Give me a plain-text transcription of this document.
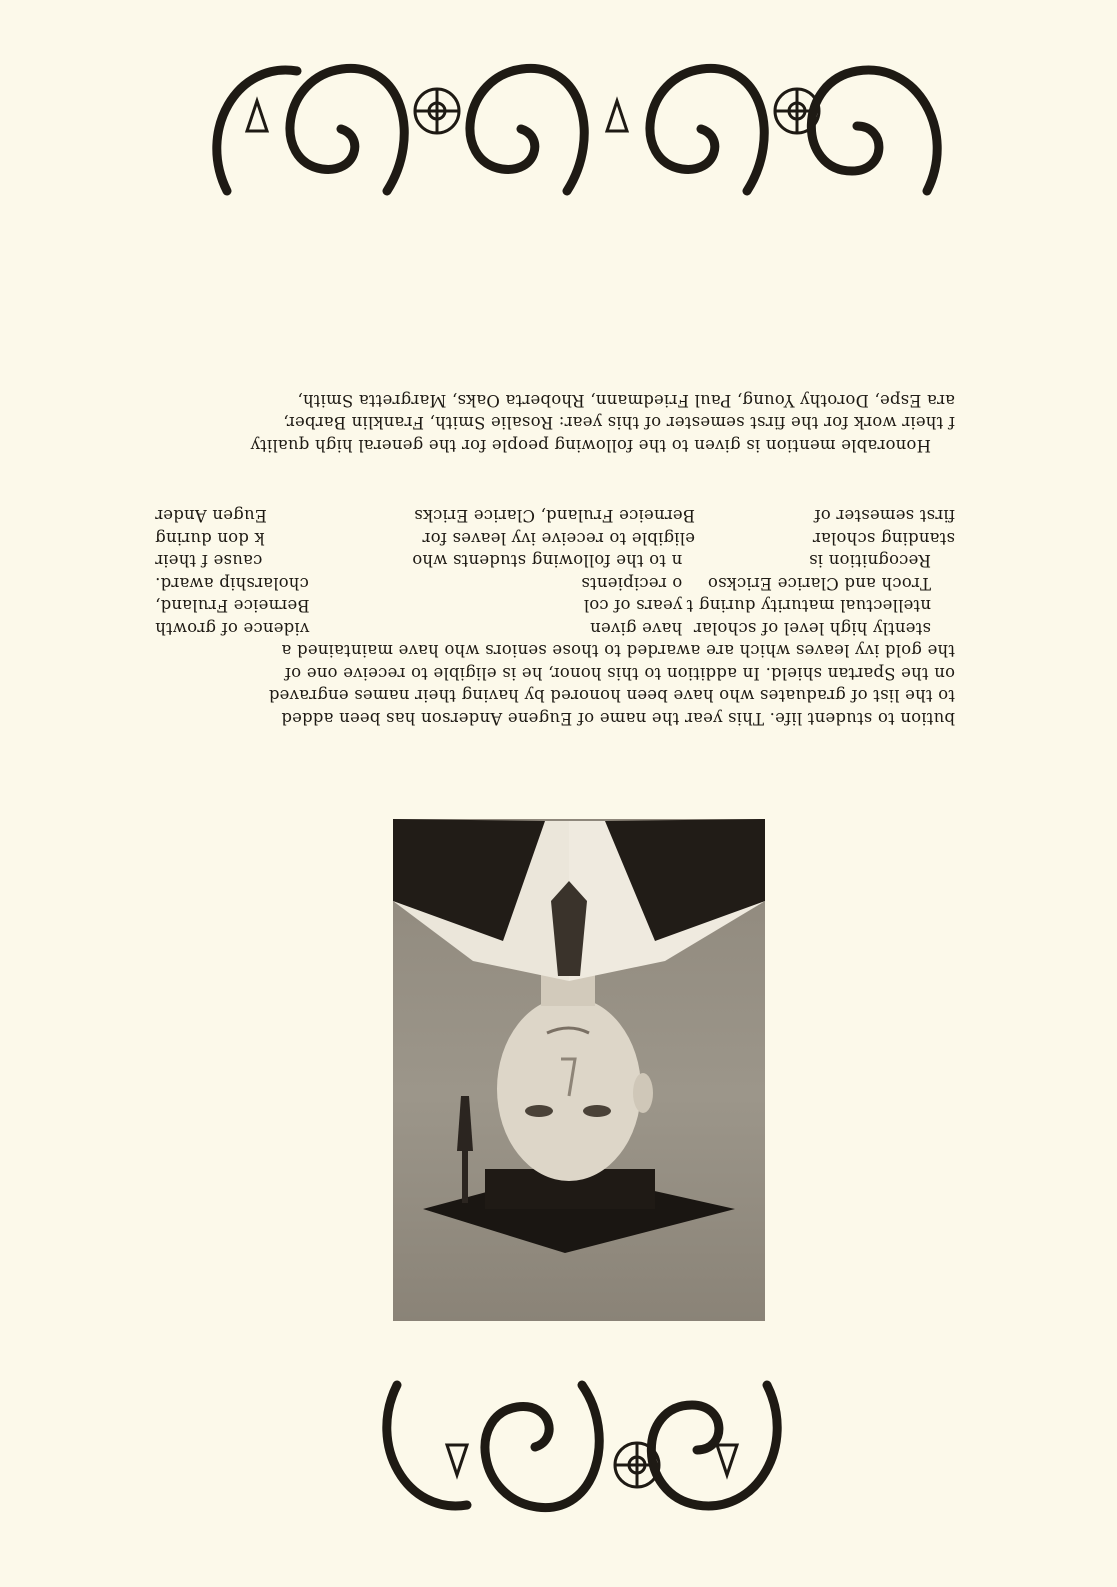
bution to student life. This year the name of Eugene Anderson has been added
to the list of graduates who have been honored by having their names engraved
on the Spartan shield. In addition to this honor, he is eligible to receive one of
the gold ivy leaves which are awarded to those seniors who have maintained a

stently high level of scholar
have given
vidence of growth
ntellectual maturity during t
years of col
Berneice Fruland,
Troch and Clarice Erickso
o recipients
cholarship award.
Recognition is
n to the following students who
cause f their
standing scholar
eligible to receive ivy leaves for
k don during
first semester of
Berneice Fruland, Clarice Ericks
Eugen Ander

Honorable mention is given to the following people for the general high quality
f their work for the first semester of this year: Rosalie Smith, Franklin Barber,
ara Espe, Dorothy Young, Paul Friedmann, Rhoberta Oaks, Margretta Smith,
